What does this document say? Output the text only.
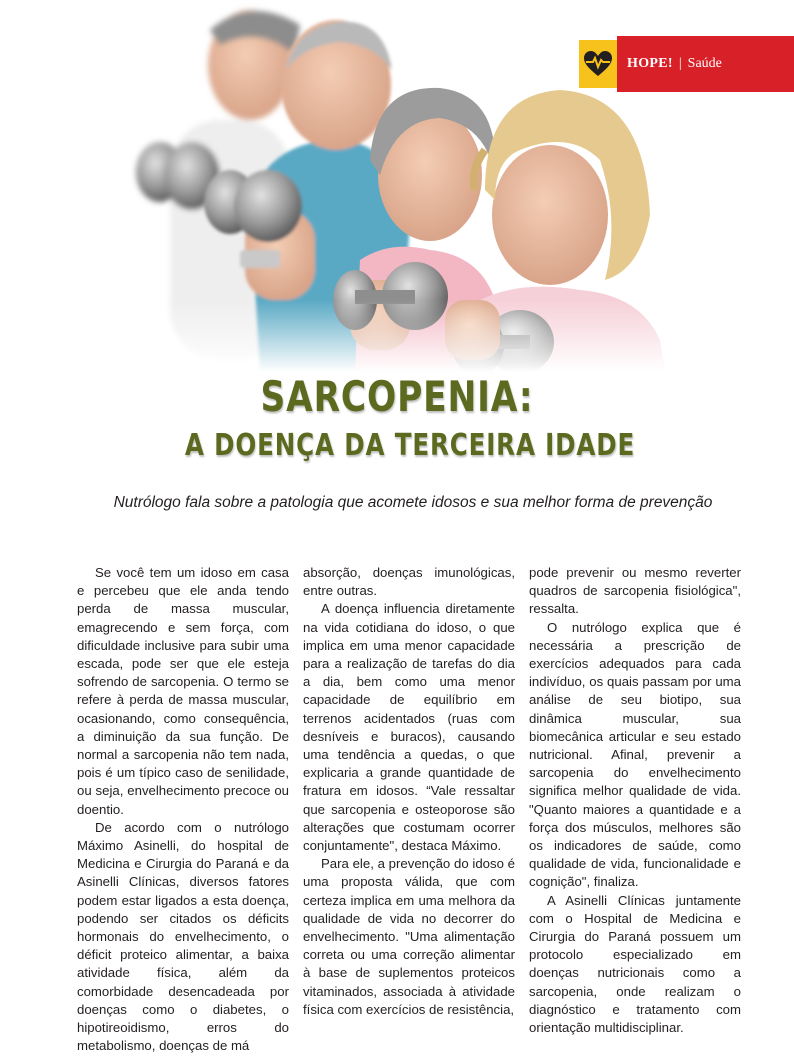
HOPE! | Saúde
SARCOPENIA:
A DOENÇA DA TERCEIRA IDADE
Nutrólogo fala sobre a patologia que acomete idosos e sua melhor forma de prevenção

Se você tem um idoso em casa e percebeu que ele anda tendo perda de massa muscular, emagrecendo e sem força, com dificuldade inclusive para subir uma escada, pode ser que ele esteja sofrendo de sarcopenia. O termo se refere à perda de massa muscular, ocasionando, como consequência, a diminuição da sua função. De normal a sarcopenia não tem nada, pois é um típico caso de senilidade, ou seja, envelhecimento precoce ou doentio.

De acordo com o nutrólogo Máximo Asinelli, do hospital de Medicina e Cirurgia do Paraná e da Asinelli Clínicas, diversos fatores podem estar ligados a esta doença, podendo ser citados os déficits hormonais do envelhecimento, o déficit proteico alimentar, a baixa atividade física, além da comorbidade desencadeada por doenças como o diabetes, o hipotireoidismo, erros do metabolismo, doenças de má

absorção, doenças imunológicas, entre outras.

A doença influencia diretamente na vida cotidiana do idoso, o que implica em uma menor capacidade para a realização de tarefas do dia a dia, bem como uma menor capacidade de equilíbrio em terrenos acidentados (ruas com desníveis e buracos), causando uma tendência a quedas, o que explicaria a grande quantidade de fratura em idosos. “Vale ressaltar que sarcopenia e osteoporose são alterações que costumam ocorrer conjuntamente", destaca Máximo.

Para ele, a prevenção do idoso é uma proposta válida, que com certeza implica em uma melhora da qualidade de vida no decorrer do envelhecimento. "Uma alimentação correta ou uma correção alimentar à base de suplementos proteicos vitaminados, associada à atividade física com exercícios de resistência,

pode prevenir ou mesmo reverter quadros de sarcopenia fisiológica", ressalta.

O nutrólogo explica que é necessária a prescrição de exercícios adequados para cada indivíduo, os quais passam por uma análise de seu biotipo, sua dinâmica muscular, sua biomecânica articular e seu estado nutricional. Afinal, prevenir a sarcopenia do envelhecimento significa melhor qualidade de vida. "Quanto maiores a quantidade e a força dos músculos, melhores são os indicadores de saúde, como qualidade de vida, funcionalidade e cognição", finaliza.

A Asinelli Clínicas juntamente com o Hospital de Medicina e Cirurgia do Paraná possuem um protocolo especializado em doenças nutricionais como a sarcopenia, onde realizam o diagnóstico e tratamento com orientação multidisciplinar.
